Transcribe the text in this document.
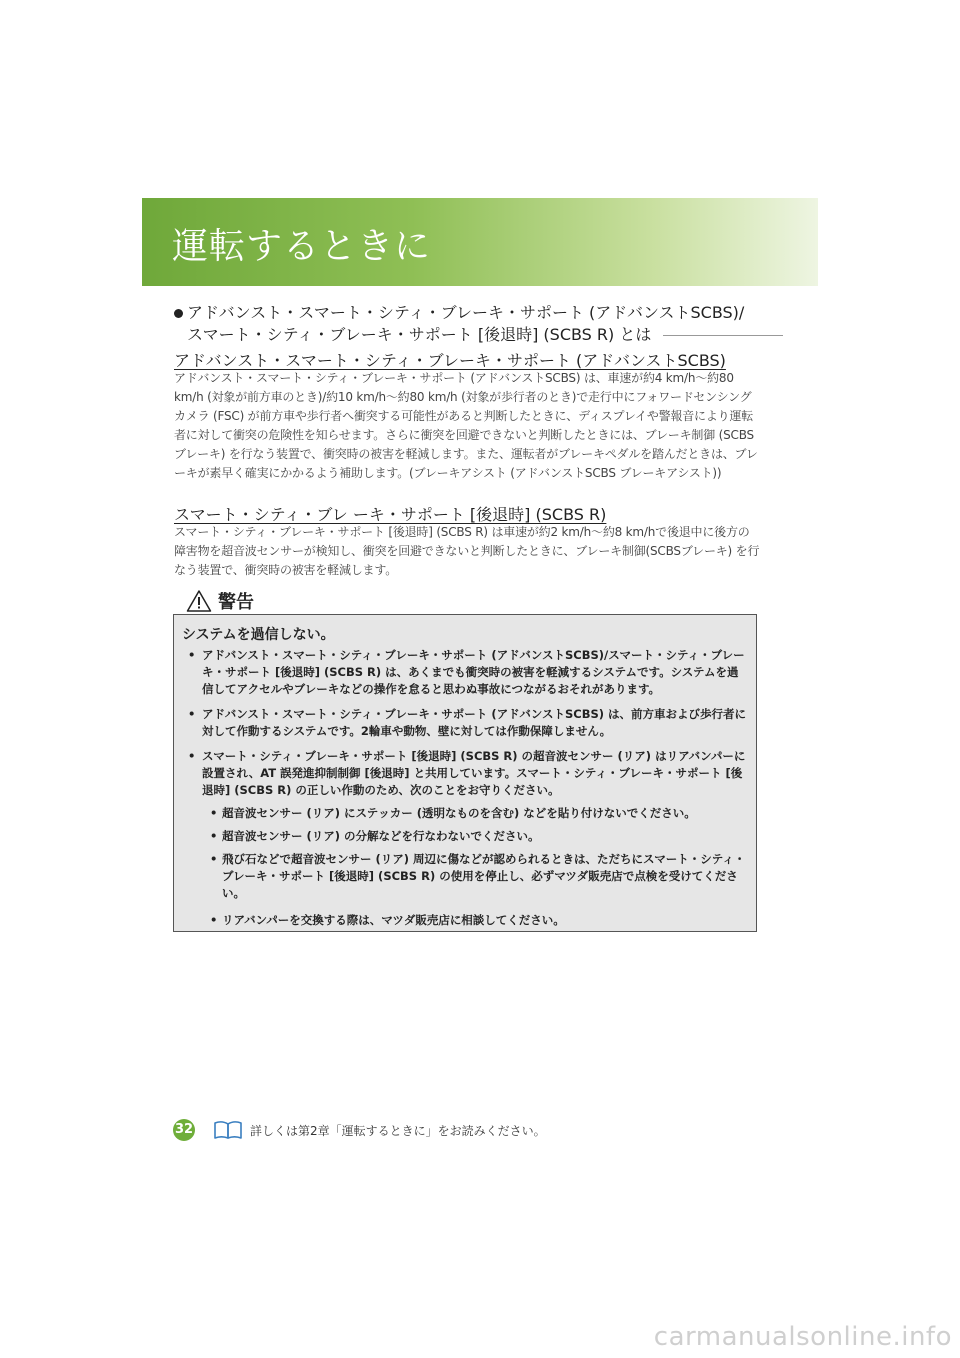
運転するときに
アドバンスト・スマート・シティ・ブレーキ・サポート (アドバンストSCBS)/
スマート・シティ・ブレーキ・サポート [後退時] (SCBS R) とは
アドバンスト・スマート・シティ・ブレーキ・サポート (アドバンストSCBS)
アドバンスト・スマート・シティ・ブレーキ・サポート (アドバンストSCBS) は、車速が約4 km/h〜約80 km/h (対象が前方車のとき)/約10 km/h〜約80 km/h (対象が歩行者のとき)で走行中にフォワードセンシングカメラ (FSC) が前方車や歩行者へ衝突する可能性があると判断したときに、ディスプレイや警報音により運転者に対して衝突の危険性を知らせます。さらに衝突を回避できないと判断したときには、ブレーキ制御 (SCBS ブレーキ) を行なう装置で、衝突時の被害を軽減します。また、運転者がブレーキペダルを踏んだときは、ブレーキが素早く確実にかかるよう補助します。(ブレーキアシスト (アドバンストSCBS ブレーキアシスト))
スマート・シティ・ブレ ーキ・サポート [後退時] (SCBS R)
スマート・シティ・ブレーキ・サポート [後退時] (SCBS R) は車速が約2 km/h〜約8 km/hで後退中に後方の障害物を超音波センサーが検知し、衝突を回避できないと判断したときに、ブレーキ制御(SCBSブレーキ) を行なう装置で、衝突時の被害を軽減します。
警告
システムを過信しない。
• アドバンスト・スマート・シティ・ブレーキ・サポート (アドバンストSCBS)/スマート・シティ・ブレーキ・サポート [後退時] (SCBS R) は、あくまでも衝突時の被害を軽減するシステムです。システムを過信してアクセルやブレーキなどの操作を怠ると思わぬ事故につながるおそれがあります。
• アドバンスト・スマート・シティ・ブレーキ・サポート (アドバンストSCBS) は、前方車および歩行者に対して作動するシステムです。2輪車や動物、壁に対しては作動保障しません。
• スマート・シティ・ブレーキ・サポート [後退時] (SCBS R) の超音波センサー (リア) はリアバンパーに設置され、AT 誤発進抑制制御 [後退時] と共用しています。スマート・シティ・ブレーキ・サポート [後退時] (SCBS R) の正しい作動のため、次のことをお守りください。
• 超音波センサー (リア) にステッカー (透明なものを含む) などを貼り付けないでください。
• 超音波センサー (リア) の分解などを行なわないでください。
• 飛び石などで超音波センサー (リア) 周辺に傷などが認められるときは、ただちにスマート・シティ・ブレーキ・サポート [後退時] (SCBS R) の使用を停止し、必ずマツダ販売店で点検を受けてください。
• リアバンパーを交換する際は、マツダ販売店に相談してください。
32	詳しくは第2章「運転するときに」をお読みください。
carmanualsonline.info
